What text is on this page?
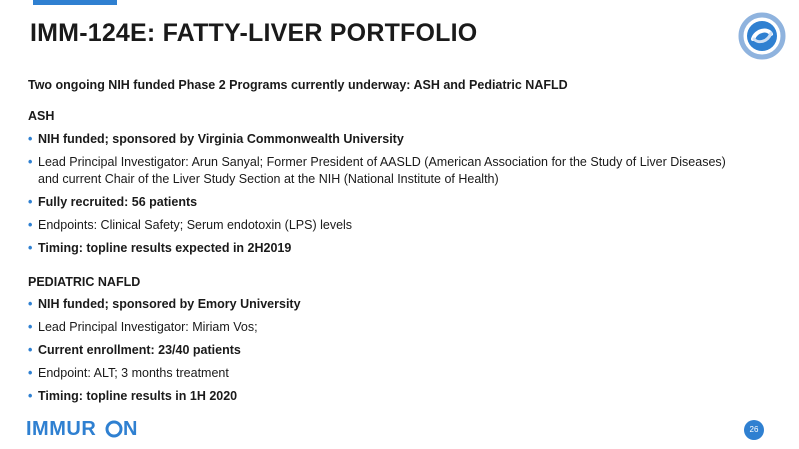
IMM-124E: FATTY-LIVER PORTFOLIO

Two ongoing NIH funded Phase 2 Programs currently underway: ASH and Pediatric NAFLD

ASH

• NIH funded; sponsored by Virginia Commonwealth University
• Lead Principal Investigator: Arun Sanyal; Former President of AASLD (American Association for the Study of Liver Diseases) and current Chair of the Liver Study Section at the NIH (National Institute of Health)
• Fully recruited: 56 patients
• Endpoints: Clinical Safety; Serum endotoxin (LPS) levels
• Timing: topline results expected in 2H2019

PEDIATRIC NAFLD

• NIH funded; sponsored by Emory University
• Lead Principal Investigator: Miriam Vos;
• Current enrollment: 23/40 patients
• Endpoint: ALT; 3 months treatment
• Timing: topline results in 1H 2020
IMMUR N	26
